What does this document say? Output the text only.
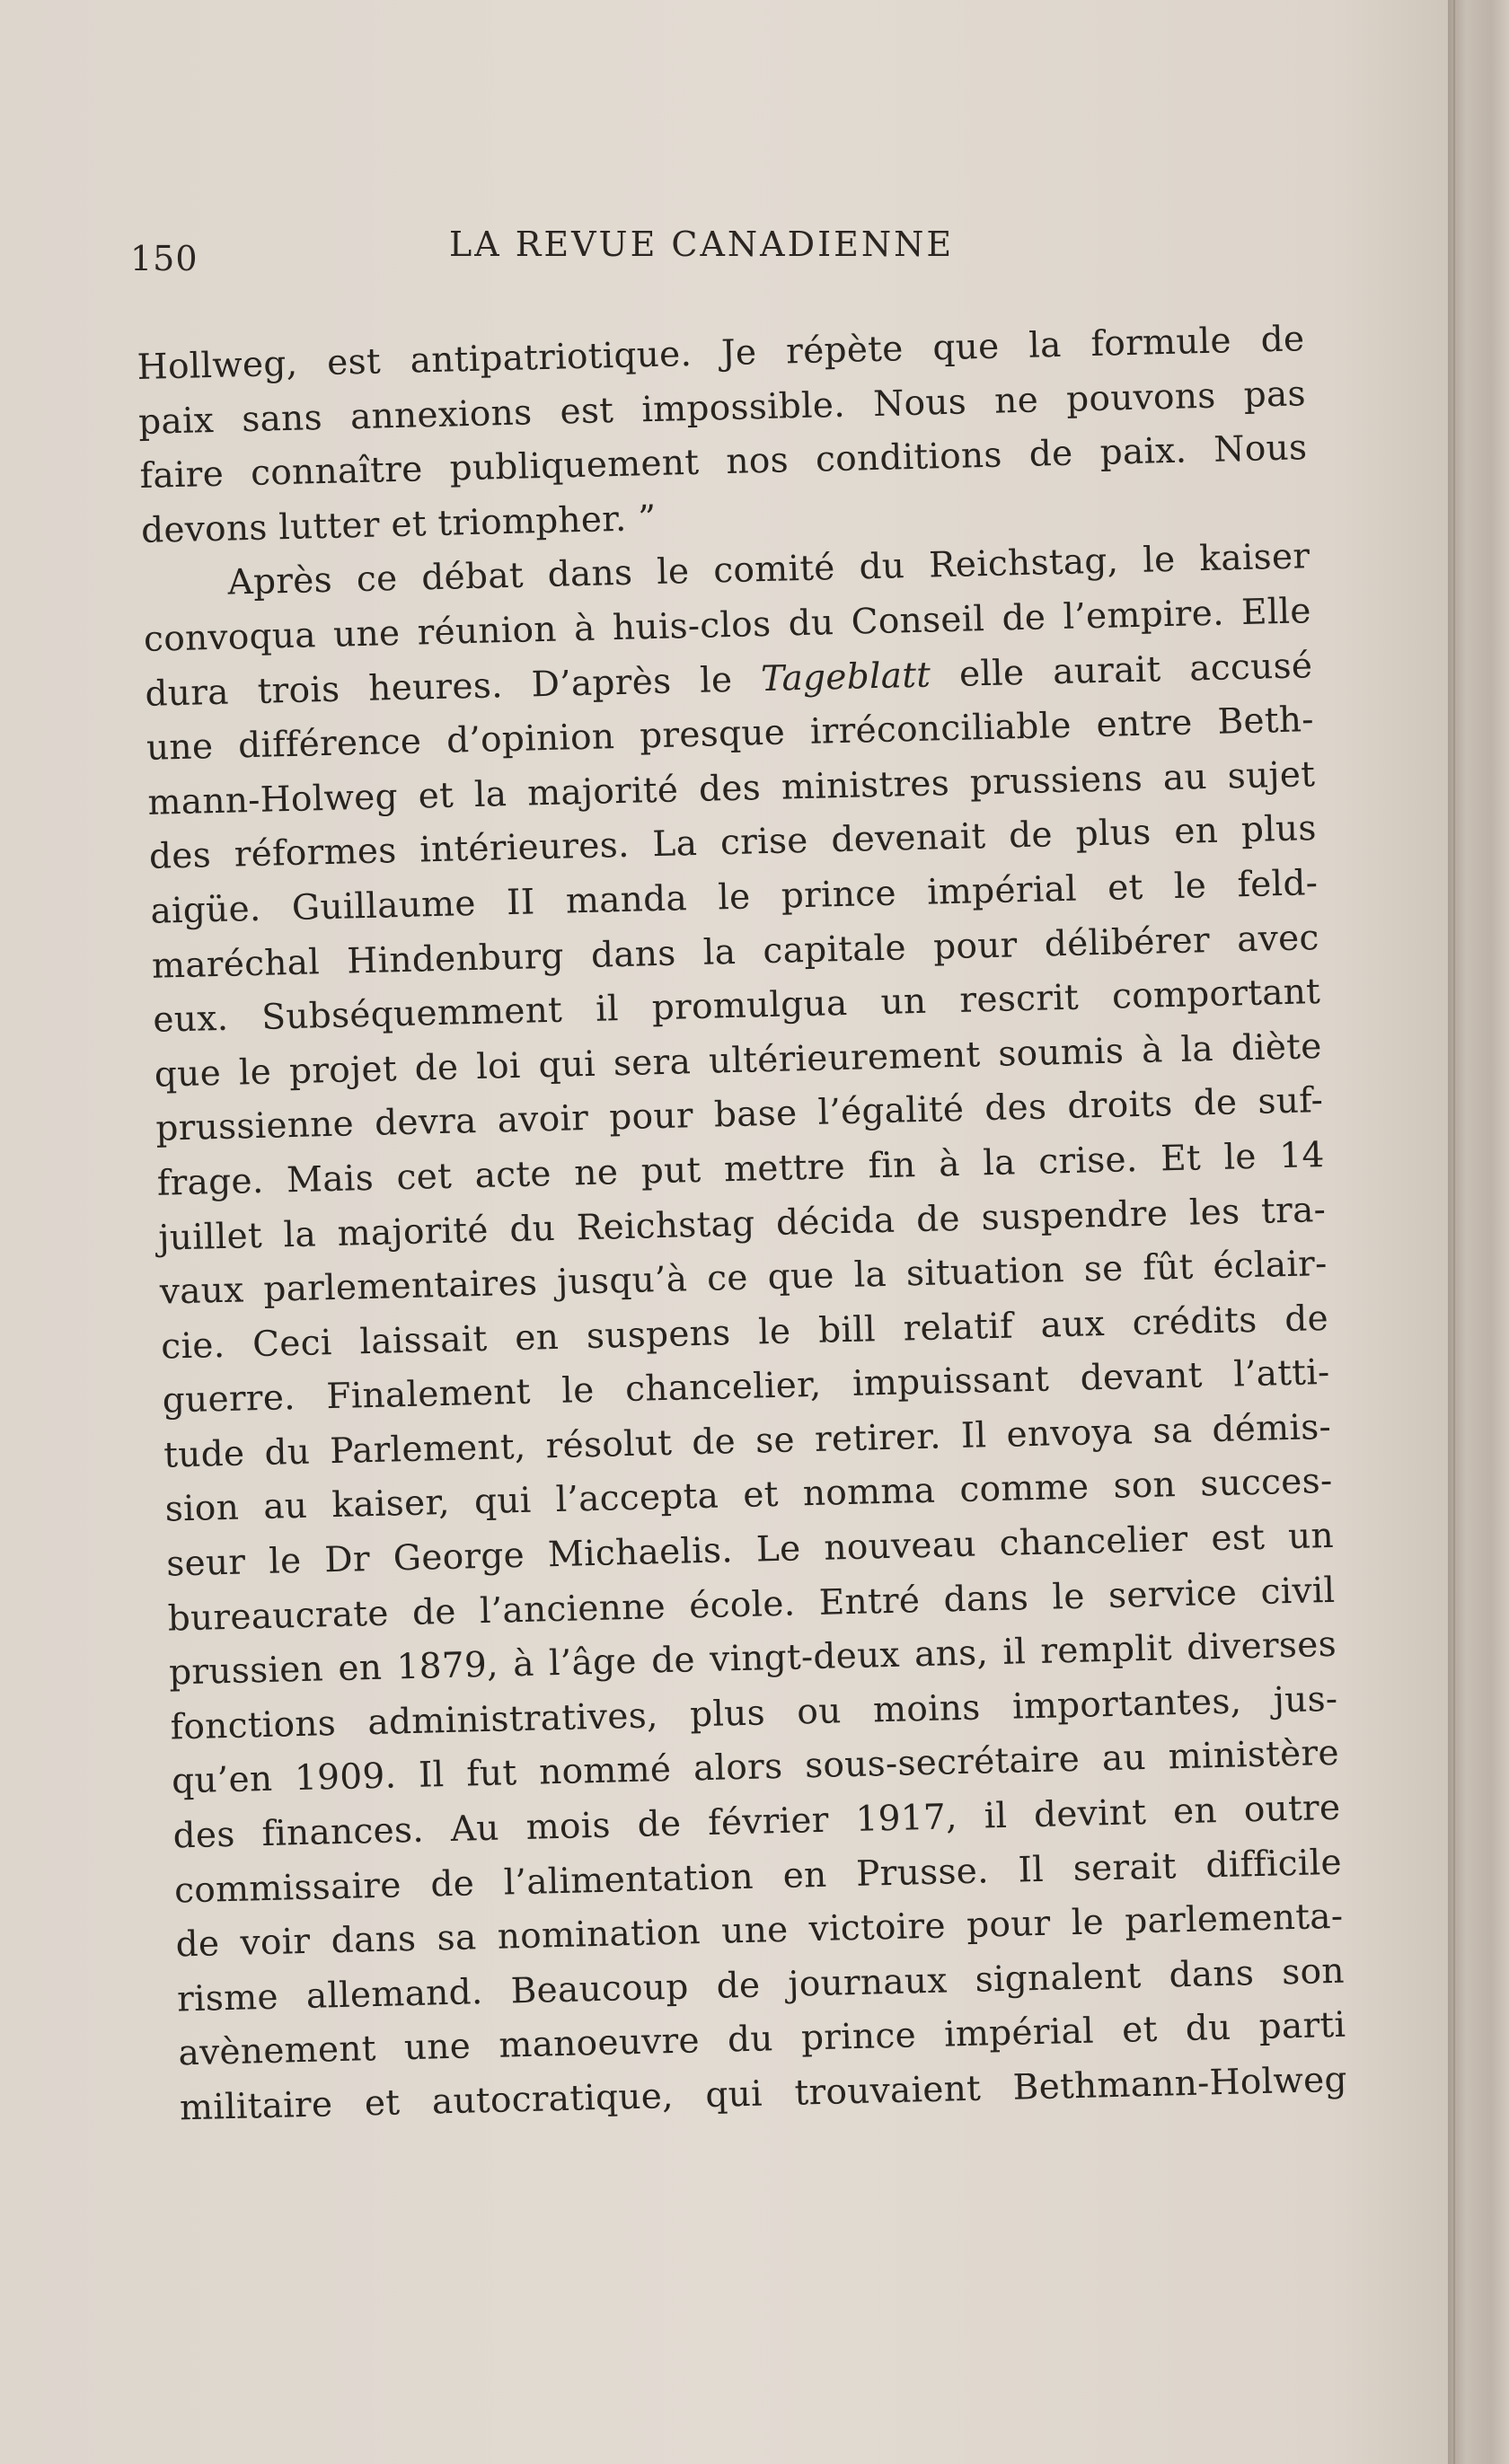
150	LA REVUE CANADIENNE
Hollweg, est antipatriotique. Je répète que la formule de
paix sans annexions est impossible. Nous ne pouvons pas
faire connaître publiquement nos conditions de paix. Nous
devons lutter et triompher. ”
Après ce débat dans le comité du Reichstag, le kaiser
convoqua une réunion à huis-clos du Conseil de l’empire. Elle
dura trois heures. D’après le Tageblatt elle aurait accusé
une différence d’opinion presque irréconciliable entre Beth-
mann-Holweg et la majorité des ministres prussiens au sujet
des réformes intérieures. La crise devenait de plus en plus
aigüe. Guillaume II manda le prince impérial et le feld-
maréchal Hindenburg dans la capitale pour délibérer avec
eux. Subséquemment il promulgua un rescrit comportant
que le projet de loi qui sera ultérieurement soumis à la diète
prussienne devra avoir pour base l’égalité des droits de suf-
frage. Mais cet acte ne put mettre fin à la crise. Et le 14
juillet la majorité du Reichstag décida de suspendre les tra-
vaux parlementaires jusqu’à ce que la situation se fût éclair-
cie. Ceci laissait en suspens le bill relatif aux crédits de
guerre. Finalement le chancelier, impuissant devant l’atti-
tude du Parlement, résolut de se retirer. Il envoya sa démis-
sion au kaiser, qui l’accepta et nomma comme son succes-
seur le Dr George Michaelis. Le nouveau chancelier est un
bureaucrate de l’ancienne école. Entré dans le service civil
prussien en 1879, à l’âge de vingt-deux ans, il remplit diverses
fonctions administratives, plus ou moins importantes, jus-
qu’en 1909. Il fut nommé alors sous-secrétaire au ministère
des finances. Au mois de février 1917, il devint en outre
commissaire de l’alimentation en Prusse. Il serait difficile
de voir dans sa nomination une victoire pour le parlementa-
risme allemand. Beaucoup de journaux signalent dans son
avènement une manoeuvre du prince impérial et du parti
militaire et autocratique, qui trouvaient Bethmann-Holweg
